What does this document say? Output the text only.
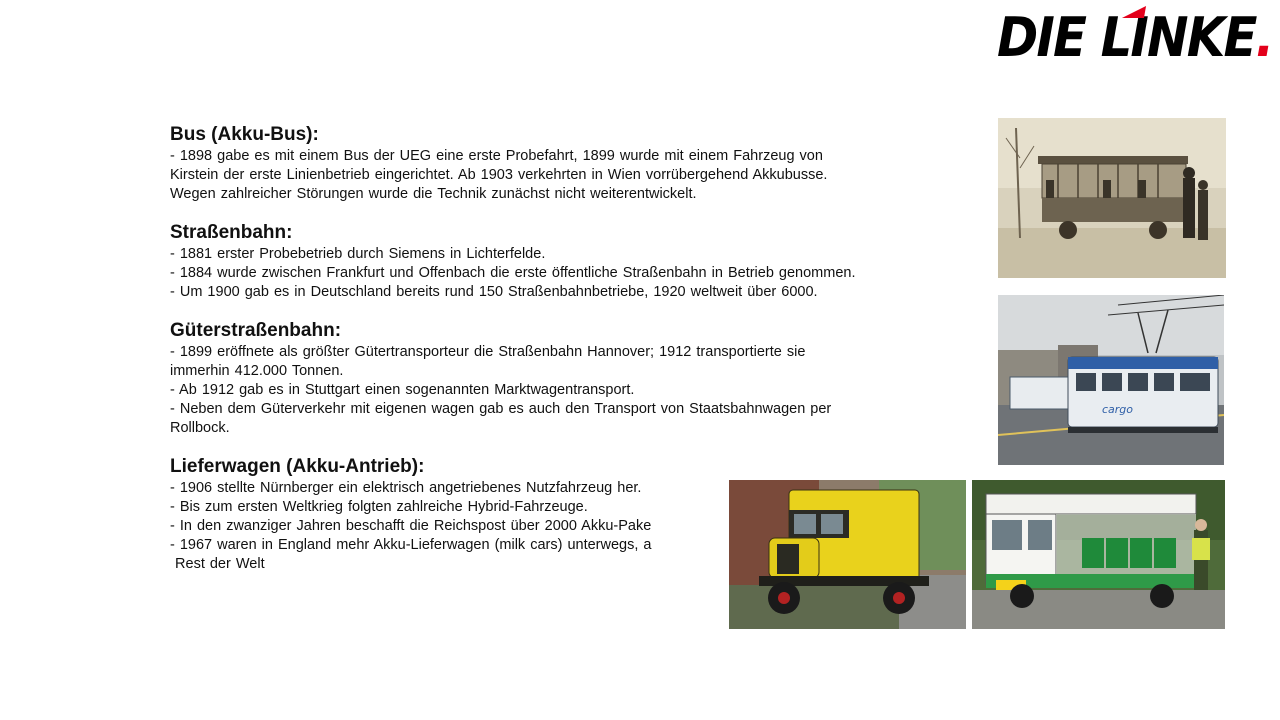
DIE LINKE.
Bus (Akku-Bus):
- 1898 gabe es mit einem Bus der UEG eine erste Probefahrt, 1899 wurde mit einem Fahrzeug von
Kirstein der erste Linienbetrieb eingerichtet. Ab 1903 verkehrten in Wien vorrübergehend Akkubusse.
Wegen zahlreicher Störungen wurde die Technik zunächst nicht weiterentwickelt.
Straßenbahn:
- 1881 erster Probebetrieb durch Siemens in Lichterfelde.
- 1884 wurde zwischen Frankfurt und Offenbach die erste öffentliche Straßenbahn in Betrieb genommen.
- Um 1900 gab es in Deutschland bereits rund 150 Straßenbahnbetriebe, 1920 weltweit über 6000.
Güterstraßenbahn:
- 1899 eröffnete als größter Gütertransporteur die Straßenbahn Hannover; 1912 transportierte sie
immerhin 412.000 Tonnen.
- Ab 1912 gab es in Stuttgart einen sogenannten Marktwagentransport.
- Neben dem Güterverkehr mit eigenen wagen gab es auch den Transport von Staatsbahnwagen per
Rollbock.
Lieferwagen (Akku-Antrieb):
- 1906 stellte Nürnberger ein elektrisch angetriebenes Nutzfahrzeug her.
- Bis zum ersten Weltkrieg folgten zahlreiche Hybrid-Fahrzeuge.
- In den zwanziger Jahren beschafft die Reichspost über 2000 Akku-Pake
- 1967 waren in England mehr Akku-Lieferwagen (milk cars) unterwegs, a
Rest der Welt
cargo
